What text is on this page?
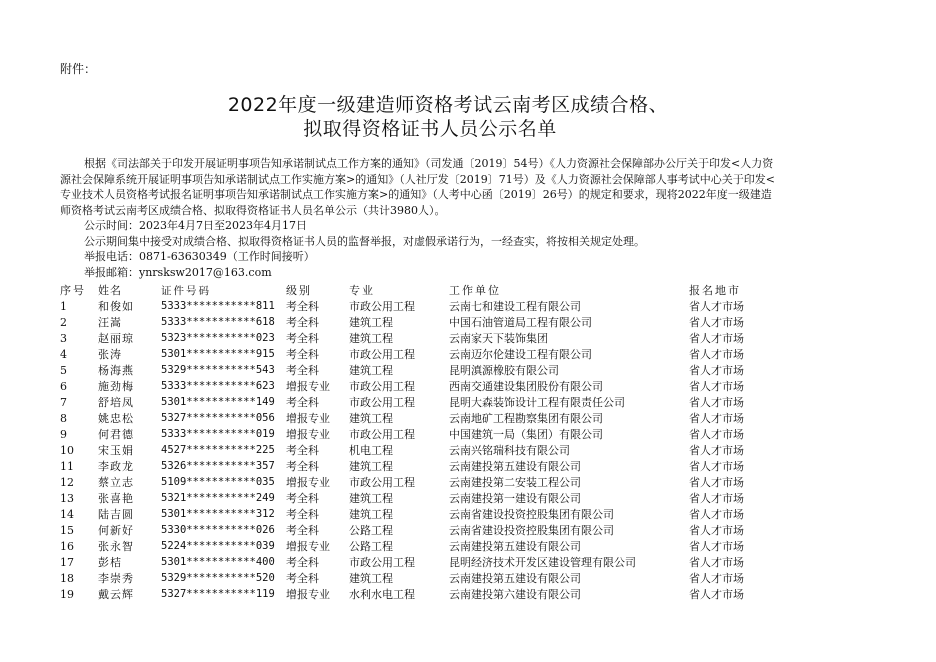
附件：
2022年度一级建造师资格考试云南考区成绩合格、
拟取得资格证书人员公示名单

根据《司法部关于印发开展证明事项告知承诺制试点工作方案的通知》（司发通〔2019〕54号）《人力资源社会保障部办公厅关于印发<人力资源社会保障系统开展证明事项告知承诺制试点工作实施方案>的通知》（人社厅发〔2019〕71号）及《人力资源社会保障部人事考试中心关于印发<专业技术人员资格考试报名证明事项告知承诺制试点工作实施方案>的通知》（人考中心函〔2019〕26号）的规定和要求，现将2022年度一级建造师资格考试云南考区成绩合格、拟取得资格证书人员名单公示（共计3980人）。

公示时间：2023年4月7日至2023年4月17日
公示期间集中接受对成绩合格、拟取得资格证书人员的监督举报，对虚假承诺行为，一经查实，将按相关规定处理。
举报电话：0871-63630349（工作时间接听）
举报邮箱：ynrsksw2017@163.com
序号	姓名	证件号码	级别	专业	工作单位	报名地市
1	和俊如	5333***********811	考全科	市政公用工程	云南七和建设工程有限公司	省人才市场
2	汪嵩	5333***********618	考全科	建筑工程	中国石油管道局工程有限公司	省人才市场
3	赵丽琼	5323***********023	考全科	建筑工程	云南家天下装饰集团	省人才市场
4	张涛	5301***********915	考全科	市政公用工程	云南迈尔伦建设工程有限公司	省人才市场
5	杨海燕	5329***********543	考全科	建筑工程	昆明滇源橡胶有限公司	省人才市场
6	施劲梅	5333***********623	增报专业	市政公用工程	西南交通建设集团股份有限公司	省人才市场
7	舒培凤	5301***********149	考全科	市政公用工程	昆明大森装饰设计工程有限责任公司	省人才市场
8	姚忠松	5327***********056	增报专业	建筑工程	云南地矿工程勘察集团有限公司	省人才市场
9	何君德	5333***********019	增报专业	市政公用工程	中国建筑一局（集团）有限公司	省人才市场
10	宋玉娟	4527***********225	考全科	机电工程	云南兴铭瑞科技有限公司	省人才市场
11	李政龙	5326***********357	考全科	建筑工程	云南建投第五建设有限公司	省人才市场
12	蔡立志	5109***********035	增报专业	市政公用工程	云南建投第二安装工程公司	省人才市场
13	张喜艳	5321***********249	考全科	建筑工程	云南建投第一建设有限公司	省人才市场
14	陆吉圆	5301***********312	考全科	建筑工程	云南省建设投资控股集团有限公司	省人才市场
15	何新好	5330***********026	考全科	公路工程	云南省建设投资控股集团有限公司	省人才市场
16	张永智	5224***********039	增报专业	公路工程	云南建投第五建设有限公司	省人才市场
17	彭桔	5301***********400	考全科	市政公用工程	昆明经济技术开发区建设管理有限公司	省人才市场
18	李崇秀	5329***********520	考全科	建筑工程	云南建投第五建设有限公司	省人才市场
19	戴云辉	5327***********119	增报专业	水利水电工程	云南建投第六建设有限公司	省人才市场
